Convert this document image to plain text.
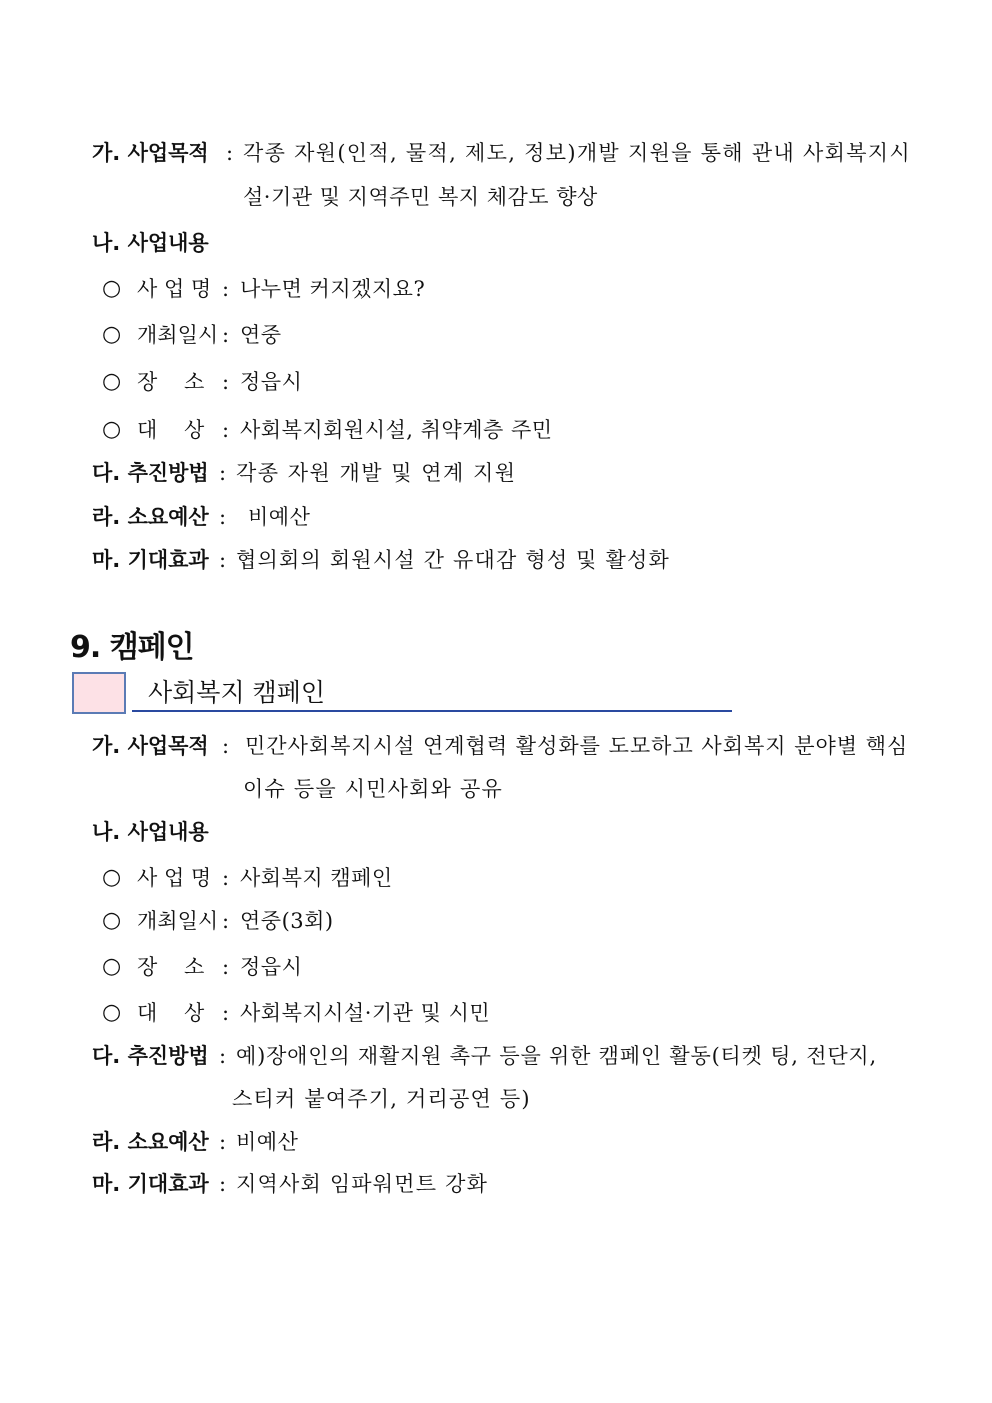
가. 사업목적 : 각종 자원(인적, 물적, 제도, 정보)개발 지원을 통해 관내 사회복지시
설·기관 및 지역주민 복지 체감도 향상
나. 사업내용
○ 사 업 명 : 나누면 커지겠지요?
○ 개최일시 : 연중
○ 장    소 : 정읍시
○ 대    상 : 사회복지회원시설, 취약계층 주민
다. 추진방법 : 각종 자원 개발 및 연계 지원
라. 소요예산 : 비예산
마. 기대효과 : 협의회의 회원시설 간 유대감 형성 및 활성화
9. 캠페인
사회복지 캠페인
가. 사업목적 : 민간사회복지시설 연계협력 활성화를 도모하고 사회복지 분야별 핵심
이슈 등을 시민사회와 공유
나. 사업내용
○ 사 업 명 : 사회복지 캠페인
○ 개최일시 : 연중(3회)
○ 장    소 : 정읍시
○ 대    상 : 사회복지시설·기관 및 시민
다. 추진방법 : 예)장애인의 재활지원 촉구 등을 위한 캠페인 활동(티켓 팅, 전단지,
스티커 붙여주기, 거리공연 등)
라. 소요예산 : 비예산
마. 기대효과 : 지역사회 임파워먼트 강화
